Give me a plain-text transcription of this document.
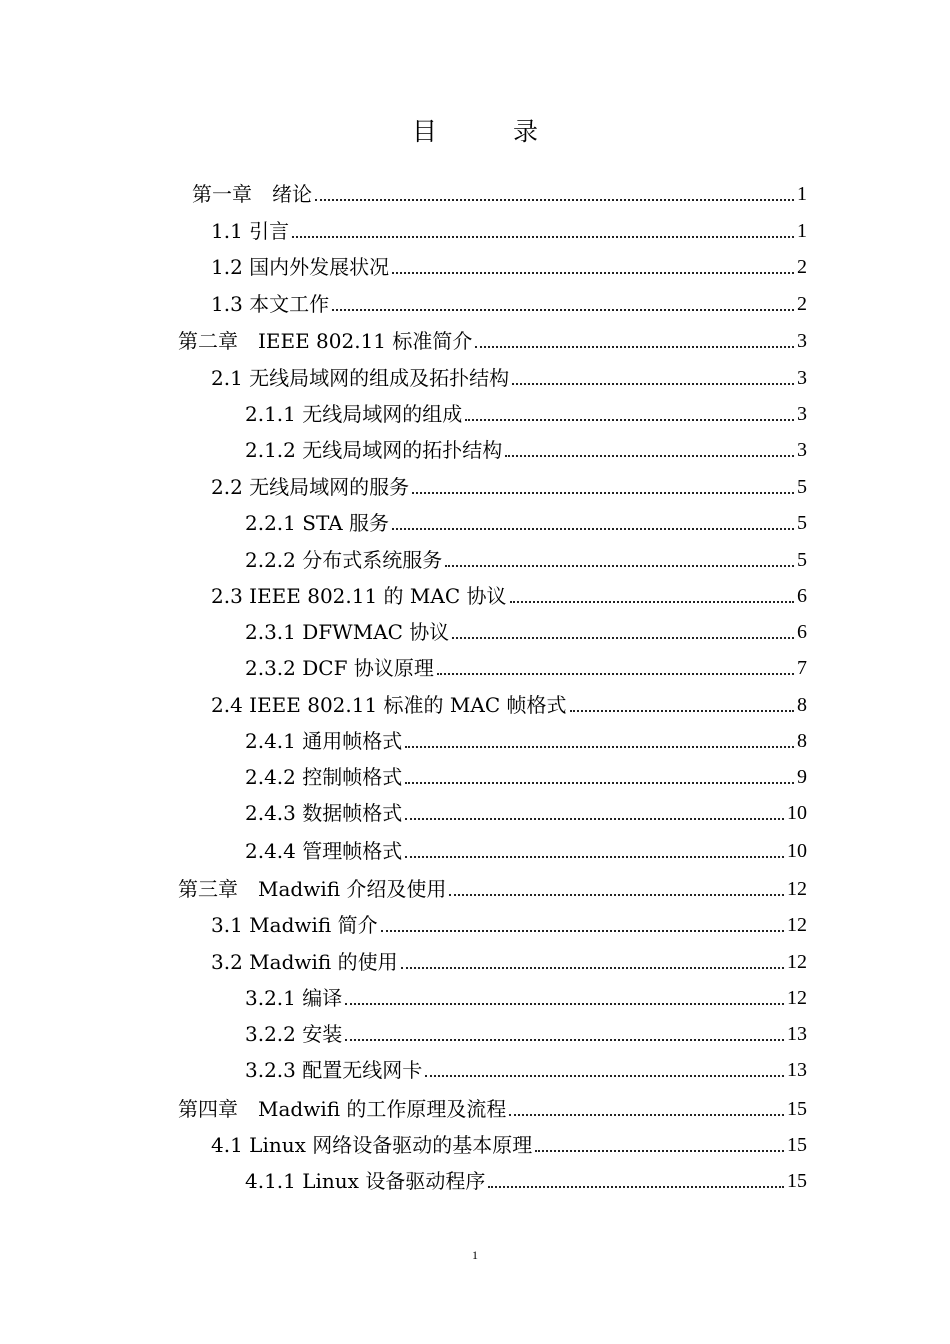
目 录
第一章　绪论	1
1.1 引言	1
1.2 国内外发展状况	2
1.3 本文工作	2
第二章　IEEE 802.11 标准简介	3
2.1 无线局域网的组成及拓扑结构	3
2.1.1 无线局域网的组成	3
2.1.2 无线局域网的拓扑结构	3
2.2 无线局域网的服务	5
2.2.1 STA 服务	5
2.2.2 分布式系统服务	5
2.3 IEEE 802.11 的 MAC 协议	6
2.3.1 DFWMAC 协议	6
2.3.2 DCF 协议原理	7
2.4 IEEE 802.11 标准的 MAC 帧格式	8
2.4.1 通用帧格式	8
2.4.2 控制帧格式	9
2.4.3 数据帧格式	10
2.4.4 管理帧格式	10
第三章　Madwifi 介绍及使用	12
3.1 Madwifi 简介	12
3.2 Madwifi 的使用	12
3.2.1 编译	12
3.2.2 安装	13
3.2.3 配置无线网卡	13
第四章　Madwifi 的工作原理及流程	15
4.1 Linux 网络设备驱动的基本原理	15
4.1.1 Linux 设备驱动程序	15
1
